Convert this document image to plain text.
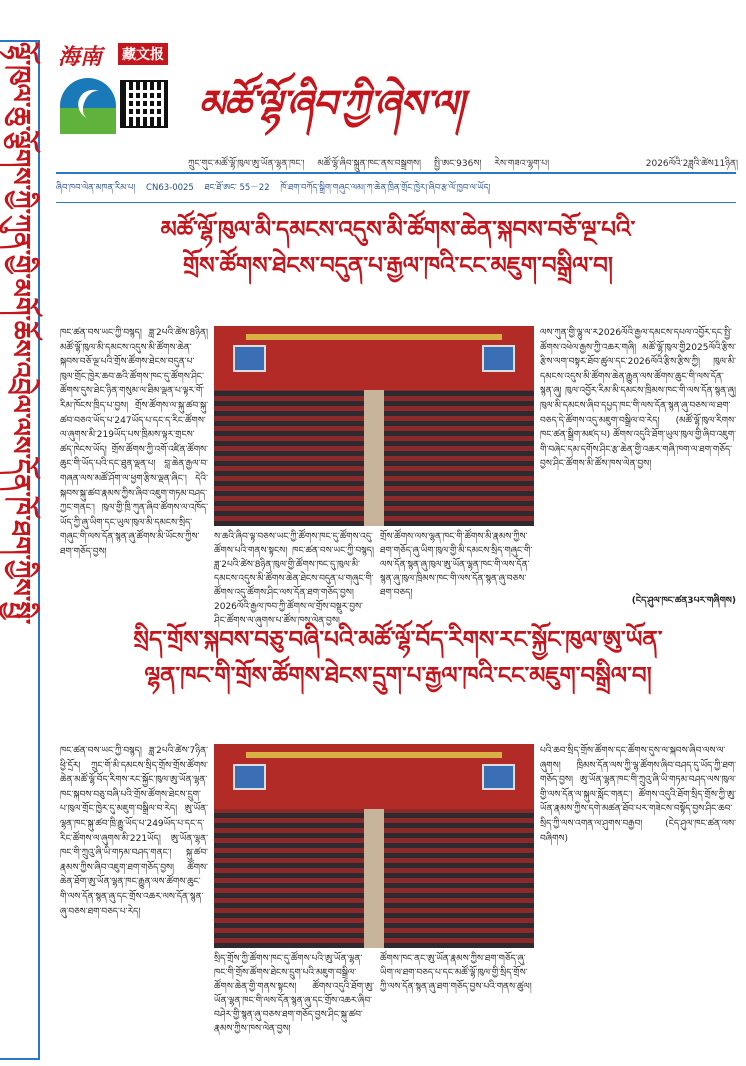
ལྷོ་ཁུལ་ཆུ་ལྕོགས་ཀྱི་ཀུན་གྱི་མགོ་ཆོས་འབྲེལ་ལས་དོན་ཁོ་ཐག་ཀྱིས་སྤྱི་ 海南 藏文报
མཚོ་ལྷོ་ཞིབ་ཀྱི་ཞེས་ལ།
ཀྲུང་གུང་མཚོ་ལྷོ་ཁུལ་ཨུ་ཡོན་ལྷན་ཁང་། མཚོ་ལྷོ་ཞིབ་སྐྲུན་ཁང་ནས་བསྒྲགས། སྤྱི་ཨང་936ས། རེས་གཟའ་ལྷག་པ།	2026ལོའི་2ཟླའི་ཚེས11ཉིན།
ཞིབ་ཁབ་ལེན་མཁན་རིམ་པ། CN63-0025 ཐང་ཐོ་ཨང་ 55－22 ཁོ་ཐག་བཀོད་སྒྲིག་གཞུང་ལམ།་ཀ་ཆེན་ཁྲིན་གྲོང་ཁྱེར།་ཞིབ་རྩ་ལོ་ཁྱབ་ལ་ཡོད།
མཚོ་ལྷོ་ཁུལ་མི་དམངས་འདུས་མི་ཚོགས་ཆེན་སྐབས་བཅོ་ལྔ་པའི་
གྲོས་ཚོགས་ཐེངས་བདུན་པ་རྒྱལ་ཁའི་ངང་མཇུག་བསྒྲིལ་བ།
ཁང་ཚན་བས་ཡང་ཀྱི་བསྙད། ཟླ་2པའི་ཚེས་8ཉིན། མཚོ་ལྷོ་ཁུལ་མི་དམངས་འདུས་མི་ཚོགས་ཆེན་སྐབས་བཅོ་ལྔ་པའི་གྲོས་ཚོགས་ཐེངས་བདུན་པ་ཁུལ་གྲོང་ཁྱེར་ཆབ་ཆའི་ཚོགས་ཁང་དུ་ཚོགས་ཤིང་ཚོགས་དུས་ཐེང་ཉིན་གསུམ་ལ་ཐིམ་ལྡན་པ་ལྟར་གོ་རིམ་ཁོངས་ཁྲིད་པ་བྱས། གྲོས་ཚོགས་ལ་སྐུ་ཚབ་སྐུ་ཚབ་བཅའ་ཡོད་པ་247ཡོད་པ་དང་ད་རིང་ཚོགས་ལ་ཞུགས་མི་219ཡོད་པས་ཁྲིམས་ལྟར་གྲངས་ཚད་ཁེངས་ཡོད། གྲོས་ཚོགས་ཀྱི་འགོ་འཛིན་ཚོགས་ཆུང་གི་ཡོད་པའི་དང་ཐུན་ལྡན་པ། བླ་ཆེན་རྒྱལ་བ་གཞན་ལས་མཚོ་ཤོག་ལ་ཕྱག་རྩིས་ལྡན་ཞིང་། དེའི་སྐབས་སྐུ་ཚབ་རྣམས་ཀྱིས་ཞིབ་འཇུག་གཏམ་བཤད་ཀྱང་གནང་། ཁུལ་གྱི་ཁྲི་ཀུན་ཞིབ་ཚོགས་ལ་འཁོད་ཡོད་ཀྱི་ཞུ་ཡིག་དང་ཡུལ་ཁུལ་མི་དམངས་སྲིད་གཞུང་གི་ལས་དོན་སྙན་ཞུ་ཚོགས་མི་ཡོངས་ཀྱིས་ཐག་གཅོད་བྱས།
ས་ཆའི་ཞིབ་ལྟ་བཅས་ཡང་ཀྱི་ཚོགས་ཁང་དུ་ཚོགས་འདུ་ཚོགས་པའི་གནས་སྟངས། ཁང་ཚན་བས་ཡང་ཀྱི་བསྙད། ཟླ་2པའི་ཚེས་8ཉིན་ཁུལ་གྱི་ཚོགས་ཁང་དུ་ཁུལ་མི་དམངས་འདུས་མི་ཚོགས་ཆེན་ཐེངས་བདུན་པ་གཞུང་གི་ཚོགས་འདུ་ཚོགས་ཤིང་ལས་དོན་ཐག་གཅོད་བྱས། 2026ལོའི་རྒྱལ་ཁབ་ཀྱི་ཚོགས་ལ་གྲོས་བསྡུར་བྱས་ཤིང་ཚོགས་ལ་ཞུགས་པ་ཚོས་ཁས་ལེན་བྱས།
གྲོས་ཚོགས་ལས་ལྷན་ཁང་གི་ཚོགས་མི་རྣམས་ཀྱིས་ཐག་གཅོད་ཞུ་ཡིག་ཁུལ་གྱི་མི་དམངས་སྲིད་གཞུང་གི་ལས་དོན་སྙན་ཞུ་ཁུལ་ཨུ་ཡོན་ལྷན་ཁང་གི་ལས་དོན་སྙན་ཞུ་ཁུལ་ཁྲིམས་ཁང་གི་ལས་དོན་སྙན་ཞུ་བཅས་ཐག་བཅད།
ལས་ཀུན་གྱི་ལྷུ་ལ་ར2026ལོའི་རྒྱལ་དམངས་དཔལ་འབྱོར་དང་སྤྱི་ཚོགས་འཕེལ་རྒྱས་ཀྱི་འཆར་གཞི། མཚོ་ལྷོ་ཁུལ་གྱི2025ལོའི་རྩིས་རྩིས་ལག་བསྟར་ཐོབ་ཚུལ་དང་2026ལོའི་རྩིས་རྩིས་ཀྱི། ཁུལ་མི་དམངས་འདུས་མི་ཚོགས་ཆེན་རྒྱུན་ལས་ཚོགས་ཆུང་གི་ལས་དོན་སྙན་ཞུ། ཁུལ་འབྱོར་རིམ་མི་དམངས་ཁྲིམས་ཁང་གི་ལས་དོན་སྙན་ཞུ། ཁུལ་མི་དམངས་ཞིབ་དཔྱད་ཁང་གི་ལས་དོན་སྙན་ཞུ་བཅས་ལ་ཐག་བཅད་དེ་ཚོགས་འདུ་མཇུག་བསྒྲིལ་བ་རེད། (མཚོ་ལྷོ་ཁུལ་རིགས་ཁང་ཚན་སྒྲིག་མཛད་པ) ཚོགས་འདུའི་ཐོག་ཡུལ་ཁུལ་གྱི་ཞིབ་འཇུག་གི་བཞེང་དམ་དགོས་ཤིང་རྩ་ཆེན་གྱི་འཆར་གཞི་ཁག་ལ་ཐག་གཅོད་བྱས་ཤིང་ཚོགས་མི་ཚོས་ཁས་ལེན་བྱས།
(ངེད་ཤུལ་ཁང་ཚན3པར་གཞིགས)
སྲིད་གྲོས་སྐབས་བཅུ་བཞི་པའི་མཚོ་ལྷོ་བོད་རིགས་རང་སྐྱོང་ཁུལ་ཨུ་ཡོན་
ལྷན་ཁང་གི་གྲོས་ཚོགས་ཐེངས་དྲུག་པ་རྒྱལ་ཁའི་ངང་མཇུག་བསྒྲིལ་བ།
ཁང་ཚན་བས་ཡང་ཀྱི་བསྙད། ཟླ་2པའི་ཚེས་7ཉིན་ཕྱི་དྲོར། ཀྲུང་གོ་མི་དམངས་སྲིད་གྲོས་གྲོས་ཚོགས་ཆེན་མཚོ་ལྷོ་བོད་རིགས་རང་སྐྱོང་ཁུལ་ཨུ་ཡོན་ལྷན་ཁང་སྐབས་བཅུ་བཞི་པའི་གྲོས་ཚོགས་ཐེངས་དྲུག་པ་ཁུལ་གྲོང་ཁྱེར་དུ་མཇུག་བསྒྲིལ་བ་རེད། ཨུ་ཡོན་ལྷན་ཁང་སྐུ་ཚབ་ཁྲི་རྒྱུ་ཡོད་པ་249ཡོད་པ་དང་ད་རིང་ཚོགས་ལ་ཞུགས་མི་221ཡོད། ཨུ་ཡོན་ལྷན་ཁང་གི་ཀྲུའུ་ཞི་ཡི་གཏམ་བཤད་གནང་། སྐུ་ཚབ་རྣམས་ཀྱིས་ཞིབ་འཇུག་ཐག་གཅོད་བྱས། ཚོགས་ཆེན་ཐོག་ཨུ་ཡོན་ལྷན་ཁང་རྒྱུན་ལས་ཚོགས་ཆུང་གི་ལས་དོན་སྙན་ཞུ་དང་གྲོས་འཆར་ལས་དོན་སྙན་ཞུ་བཅས་ཐག་བཅད་པ་རེད།
སྲིད་གྲོས་ཀྱི་ཚོགས་ཁང་དུ་ཚོགས་པའི་ཨུ་ཡོན་ལྷན་ཁང་གི་གྲོས་ཚོགས་ཐེངས་དྲུག་པའི་མཇུག་བསྒྲིལ་ཚོགས་ཆེན་གྱི་གནས་སྟངས། ཚོགས་འདུའི་ཐོག་ཨུ་ཡོན་ལྷན་ཁང་གི་ལས་དོན་སྙན་ཞུ་དང་གྲོས་འཆར་ཞིབ་བཤེར་གྱི་སྙན་ཞུ་བཅས་ཐག་གཅོད་བྱས་ཤིང་སྐུ་ཚབ་རྣམས་ཀྱིས་ཁས་ལེན་བྱས།
ཚོགས་ཁང་ནང་ཨུ་ཡོན་རྣམས་ཀྱིས་ཐག་གཅོད་ཞུ་ཡིག་ལ་ཐག་བཅད་པ་དང་མཚོ་ལྷོ་ཁུལ་གྱི་སྲིད་གྲོས་ཀྱི་ལས་དོན་སྙན་ཞུ་ཐག་གཅོད་བྱས་པའི་གནས་ཚུལ།
པའི་ཆབ་སྲིད་གྲོས་ཚོགས་དང་ཚོགས་དུས་ལ་སྐབས་ཞིབ་ལས་ལ་ཞུགས། ཁྲིམས་དོན་ལས་ཀྱི་ལྷ་ཚོགས་ཞིབ་བཤད་དུ་ཡོད་ཀྱི་ཐག་གཅོད་བྱས། ཨུ་ཡོན་ལྷན་ཁང་གི་ཀྲུའུ་ཞི་ཡི་གཏམ་བཤད་ལས་ཁུལ་གྱི་ལས་དོན་ལ་སྐུལ་སློང་གནང་། ཚོགས་འདུའི་ཐོག་སྲིད་གྲོས་ཀྱི་ཨུ་ཡོན་རྣམས་ཀྱིས་དགེ་མཚན་ཐོབ་པར་གཟེངས་བསྟོད་བྱས་ཤིང་ཆབ་སྲིད་ཀྱི་ལས་འགན་ལ་ཤུགས་བརྒྱབ། (ངེད་ཤུལ་ཁང་ཚན་ལས་བཞིགས)
